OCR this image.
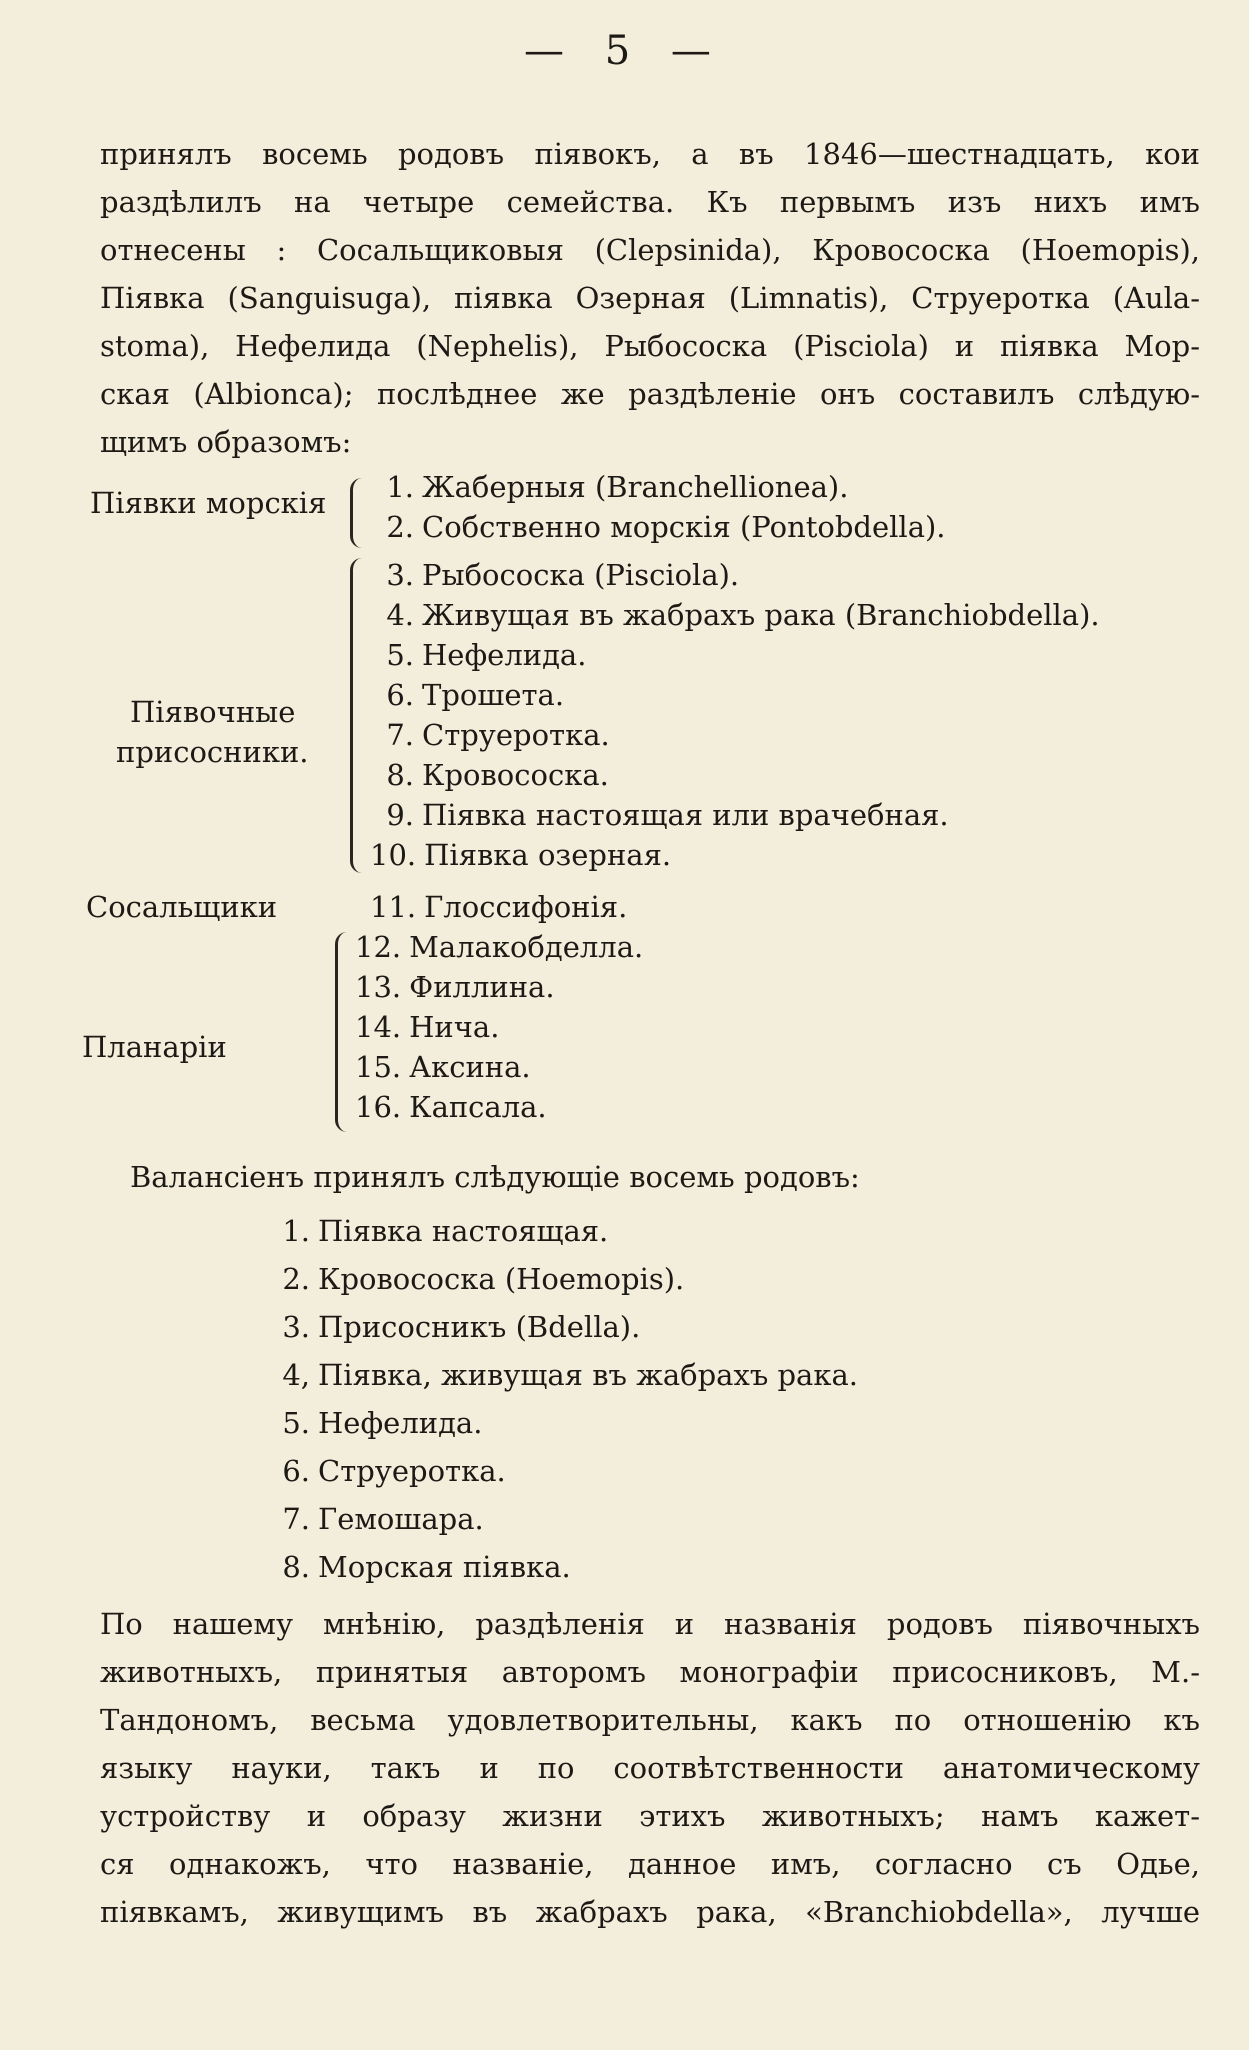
— 5 —
принялъ восемь родовъ піявокъ, а въ 1846—шестнадцать, кои
раздѣлилъ на четыре семейства. Къ первымъ изъ нихъ имъ
отнесены : Сосальщиковыя (Clepsinida), Кровососка (Hoemopis),
Піявка (Sanguisuga), піявка Озерная (Limnatis), Струеротка (Aula-
stoma), Нефелида (Nephelis), Рыбососка (Pisciola) и піявка Мор-
ская (Albionca); послѣднее же раздѣленіе онъ составилъ слѣдую-
щимъ образомъ:
Піявки морскія	1. Жаберныя (Branchellionea).
2. Собственно морскія (Pontobdella).
Піявочные
присосники.
3. Рыбососка (Pisciola).
4. Живущая въ жабрахъ рака (Branchiobdella).
5. Нефелида.
6. Трошета.
7. Струеротка.
8. Кровососка.
9. Піявка настоящая или врачебная.
10. Піявка озерная.
Сосальщики	11. Глоссифонія.
Планаріи
12. Малакобделла.
13. Филлина.
14. Нича.
15. Аксина.
16. Капсала.
Валансіенъ принялъ слѣдующіе восемь родовъ:
1. Піявка настоящая.
2. Кровососка (Hoemopis).
3. Присосникъ (Bdella).
4, Піявка, живущая въ жабрахъ рака.
5. Нефелида.
6. Струеротка.
7. Гемошара.
8. Морская піявка.
По нашему мнѣнію, раздѣленія и названія родовъ піявочныхъ
животныхъ, принятыя авторомъ монографіи присосниковъ, М.-
Тандономъ, весьма удовлетворительны, какъ по отношенію къ
языку науки, такъ и по соотвѣтственности анатомическому
устройству и образу жизни этихъ животныхъ; намъ кажет-
ся однакожъ, что названіе, данное имъ, согласно съ Одье,
піявкамъ, живущимъ въ жабрахъ рака, «Branchiobdella», лучше
